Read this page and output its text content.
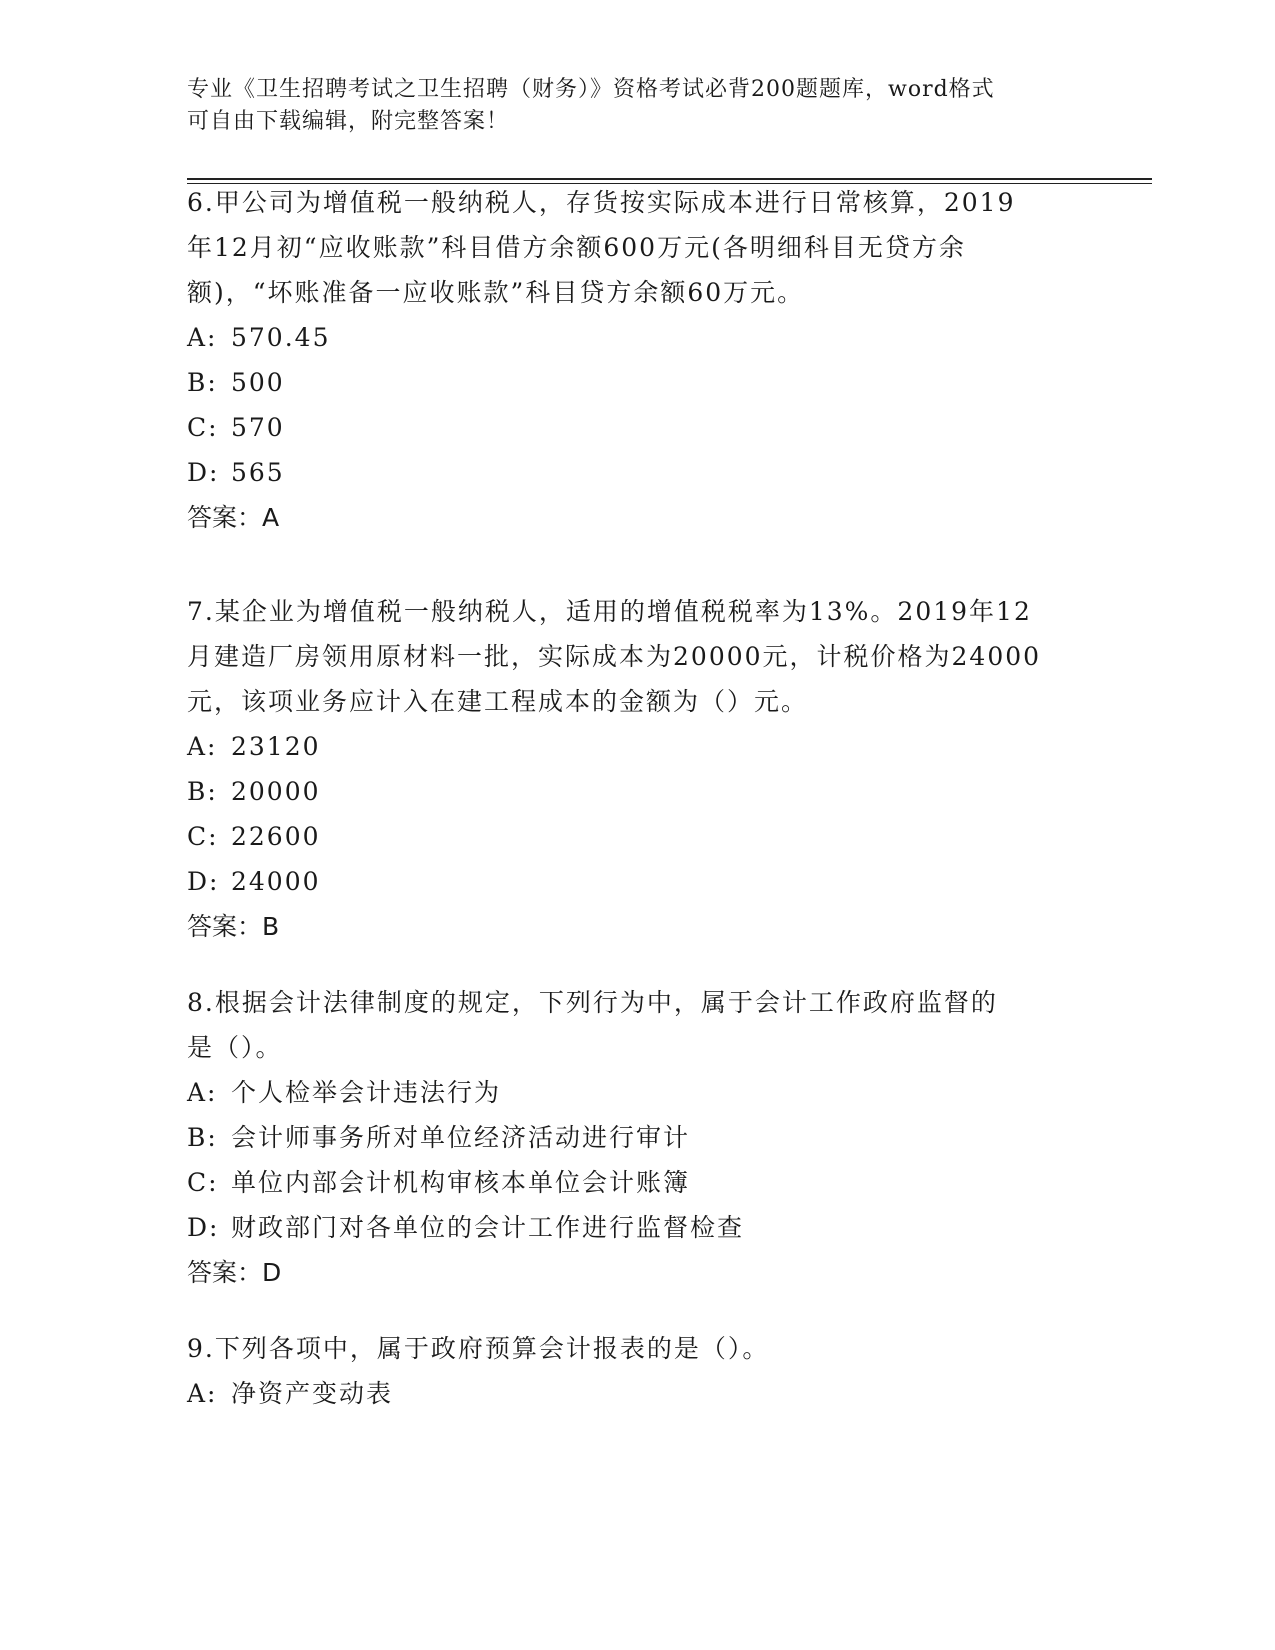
专业《卫生招聘考试之卫生招聘（财务）》资格考试必背200题题库，word格式
可自由下载编辑，附完整答案！
6.甲公司为增值税一般纳税人，存货按实际成本进行日常核算，2019
年12月初“应收账款”科目借方余额600万元(各明细科目无贷方余
额)，“坏账准备一应收账款”科目贷方余额60万元。
A: 570.45
B: 500
C: 570
D: 565
答案：A
7.某企业为增值税一般纳税人，适用的增值税税率为13%。2019年12
月建造厂房领用原材料一批，实际成本为20000元，计税价格为24000
元，该项业务应计入在建工程成本的金额为（）元。
A: 23120
B: 20000
C: 22600
D: 24000
答案：B
8.根据会计法律制度的规定，下列行为中，属于会计工作政府监督的
是（）。
A: 个人检举会计违法行为
B: 会计师事务所对单位经济活动进行审计
C: 单位内部会计机构审核本单位会计账簿
D: 财政部门对各单位的会计工作进行监督检查
答案：D
9.下列各项中，属于政府预算会计报表的是（）。
A: 净资产变动表
